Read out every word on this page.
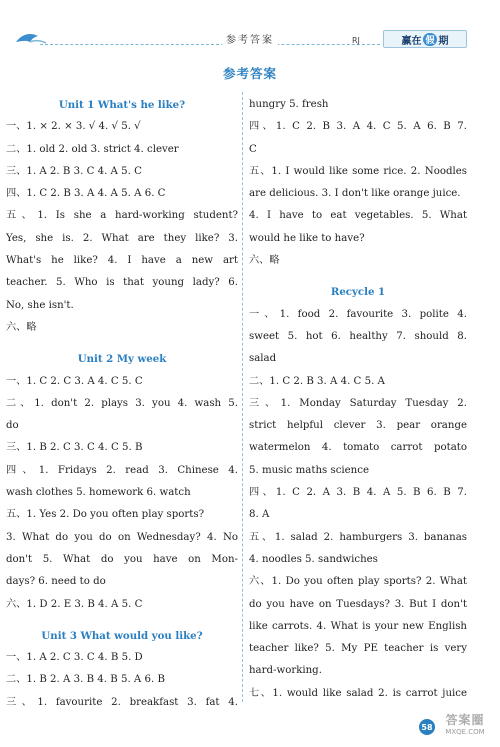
参考答案	RJ	赢在 假 期
参考答案
Unit 1 What's he like?
一、1. × 2. × 3. √ 4. √ 5. √
二、1. old 2. old 3. strict 4. clever
三、1. A 2. B 3. C 4. A 5. C
四、1. C 2. B 3. A 4. A 5. A 6. C
五、1. Is she a hard-working student?
Yes, she is. 2. What are they like? 3.
What's he like? 4. I have a new art
teacher. 5. Who is that young lady? 6.
No, she isn't.
六、略
Unit 2 My week
一、1. C 2. C 3. A 4. C 5. C
二、1. don't 2. plays 3. you 4. wash 5.
do
三、1. B 2. C 3. C 4. C 5. B
四、1. Fridays 2. read 3. Chinese 4.
wash clothes 5. homework 6. watch
五、1. Yes 2. Do you often play sports?
3. What do you do on Wednesday? 4. No
don't 5. What do you have on Mon-
days? 6. need to do
六、1. D 2. E 3. B 4. A 5. C
Unit 3 What would you like?
一、1. A 2. C 3. C 4. B 5. D
二、1. B 2. A 3. B 4. B 5. A 6. B
三、1. favourite 2. breakfast 3. fat 4.
hungry 5. fresh
四、1. C 2. B 3. A 4. C 5. A 6. B 7.
C
五、1. I would like some rice. 2. Noodles
are delicious. 3. I don't like orange juice.
4. I have to eat vegetables. 5. What
would he like to have?
六、略
Recycle 1
一、1. food 2. favourite 3. polite 4.
sweet 5. hot 6. healthy 7. should 8.
salad
二、1. C 2. B 3. A 4. C 5. A
三、1. Monday Saturday Tuesday 2.
strict helpful clever 3. pear orange
watermelon 4. tomato carrot potato
5. music maths science
四、1. C 2. A 3. B 4. A 5. B 6. B 7.
8. A
五、1. salad 2. hamburgers 3. bananas
4. noodles 5. sandwiches
六、1. Do you often play sports? 2. What
do you have on Tuesdays? 3. But I don't
like carrots. 4. What is your new English
teacher like? 5. My PE teacher is very
hard-working.
七、1. would like salad 2. is carrot juice
58	答案圈
MXQE.COM
